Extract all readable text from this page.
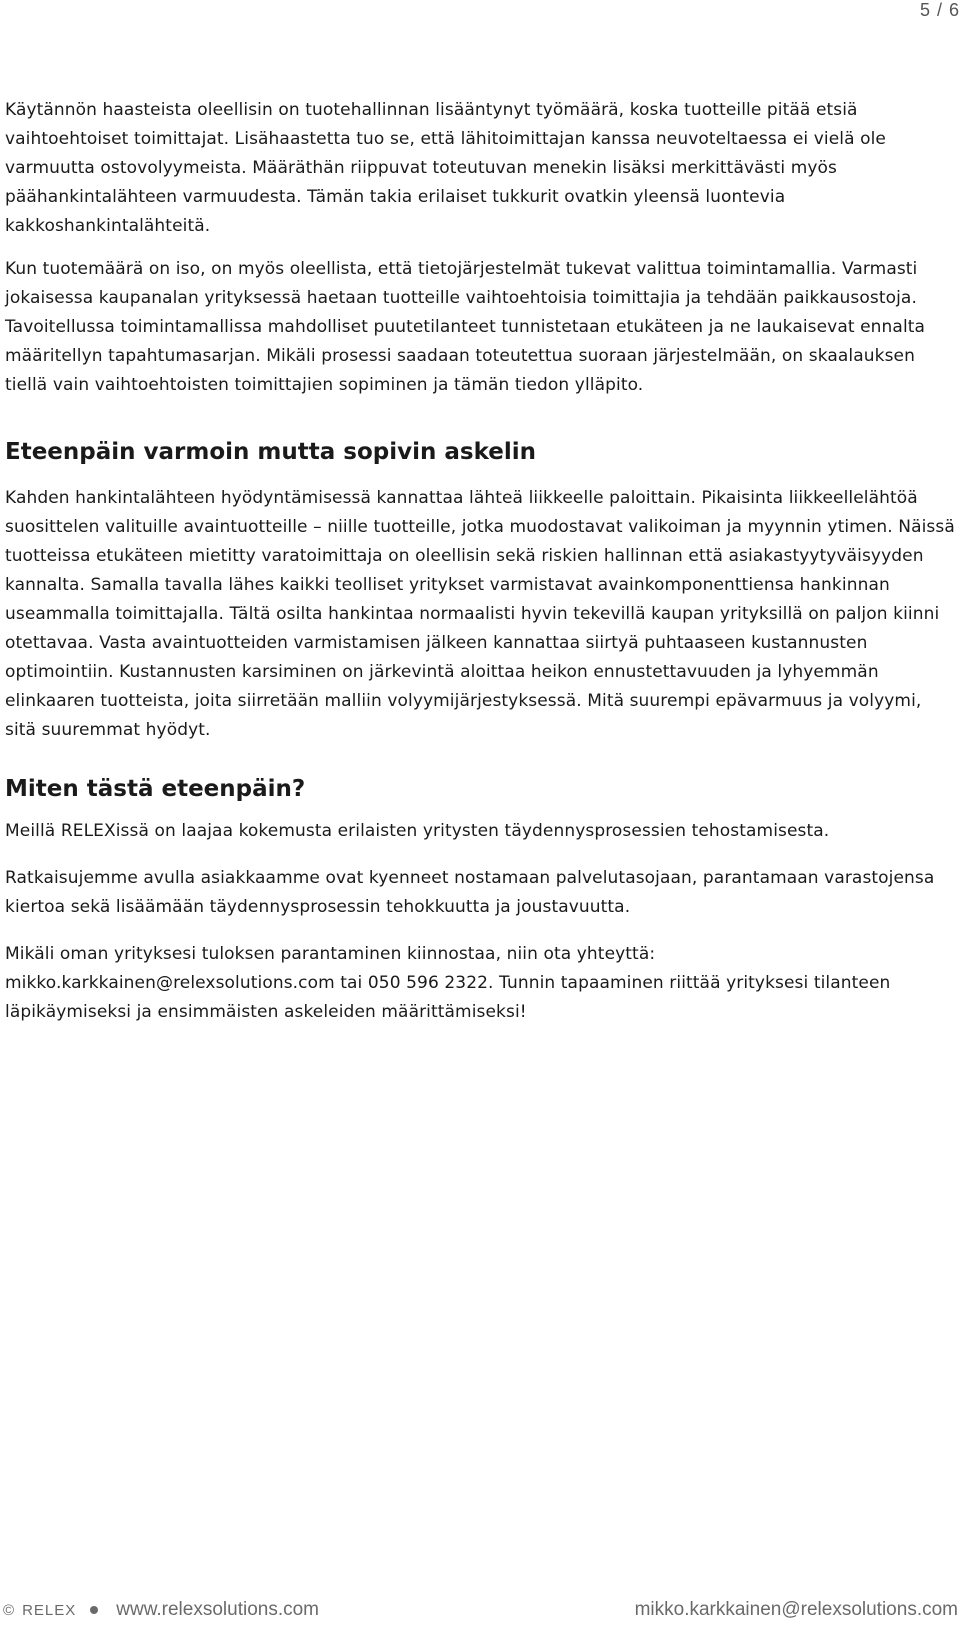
5 / 6

Käytännön haasteista oleellisin on tuotehallinnan lisääntynyt työmäärä, koska tuotteille pitää etsiä vaihtoehtoiset toimittajat. Lisähaastetta tuo se, että lähitoimittajan kanssa neuvoteltaessa ei vielä ole varmuutta ostovolyymeista. Määräthän riippuvat toteutuvan menekin lisäksi merkittävästi myös päähankintalähteen varmuudesta. Tämän takia erilaiset tukkurit ovatkin yleensä luontevia kakkoshankintalähteitä.

Kun tuotemäärä on iso, on myös oleellista, että tietojärjestelmät tukevat valittua toimintamallia. Varmasti jokaisessa kaupanalan yrityksessä haetaan tuotteille vaihtoehtoisia toimittajia ja tehdään paikkausostoja. Tavoitellussa toimintamallissa mahdolliset puutetilanteet tunnistetaan etukäteen ja ne laukaisevat ennalta määritellyn tapahtumasarjan. Mikäli prosessi saadaan toteutettua suoraan järjestelmään, on skaalauksen tiellä vain vaihtoehtoisten toimittajien sopiminen ja tämän tiedon ylläpito.

Eteenpäin varmoin mutta sopivin askelin

Kahden hankintalähteen hyödyntämisessä kannattaa lähteä liikkeelle paloittain. Pikaisinta liikkeellelähtöä suosittelen valituille avaintuotteille – niille tuotteille, jotka muodostavat valikoiman ja myynnin ytimen. Näissä tuotteissa etukäteen mietitty varatoimittaja on oleellisin sekä riskien hallinnan että asiakastyytyväisyyden kannalta. Samalla tavalla lähes kaikki teolliset yritykset varmistavat avainkomponenttiensa hankinnan useammalla toimittajalla. Tältä osilta hankintaa normaalisti hyvin tekevillä kaupan yrityksillä on paljon kiinni otettavaa. Vasta avaintuotteiden varmistamisen jälkeen kannattaa siirtyä puhtaaseen kustannusten optimointiin. Kustannusten karsiminen on järkevintä aloittaa heikon ennustettavuuden ja lyhyemmän elinkaaren tuotteista, joita siirretään malliin volyymijärjestyksessä. Mitä suurempi epävarmuus ja volyymi, sitä suuremmat hyödyt.

Miten tästä eteenpäin?

Meillä RELEXissä on laajaa kokemusta erilaisten yritysten täydennysprosessien tehostamisesta.

Ratkaisujemme avulla asiakkaamme ovat kyenneet nostamaan palvelutasojaan, parantamaan varastojensa kiertoa sekä lisäämään täydennysprosessin tehokkuutta ja joustavuutta.

Mikäli oman yrityksesi tuloksen parantaminen kiinnostaa, niin ota yhteyttä: mikko.karkkainen@relexsolutions.com tai 050 596 2322. Tunnin tapaaminen riittää yrityksesi tilanteen läpikäymiseksi ja ensimmäisten askeleiden määrittämiseksi!

© RELEX www.relexsolutions.com	mikko.karkkainen@relexsolutions.com
